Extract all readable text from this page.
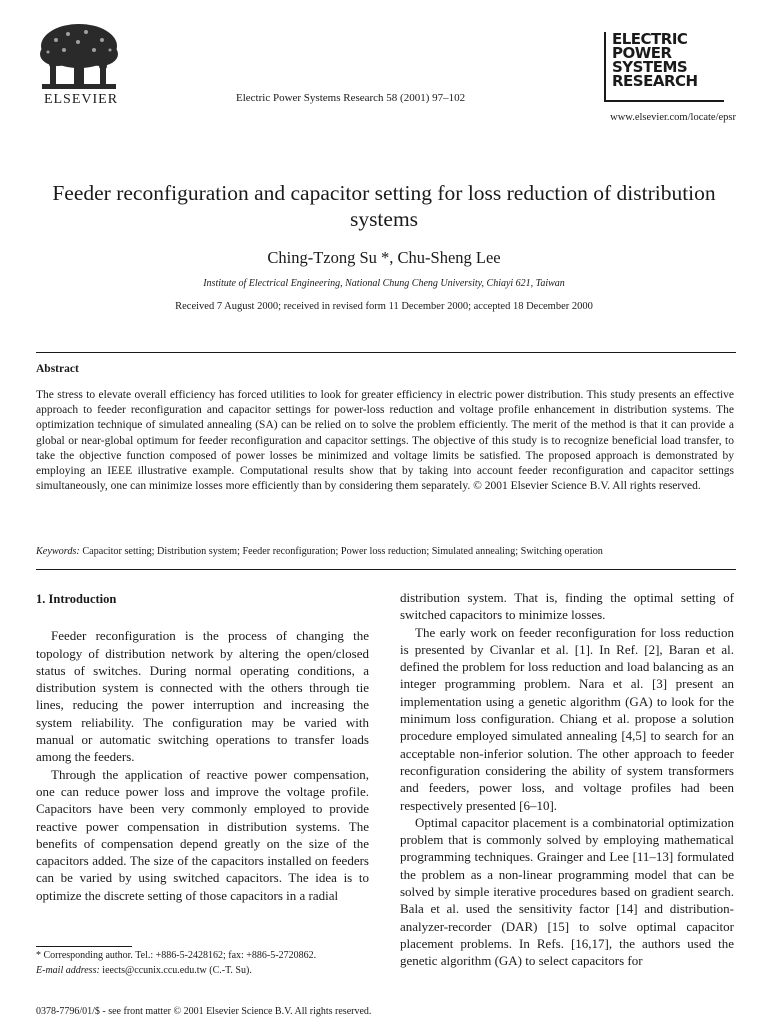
ELSEVIER	Electric Power Systems Research 58 (2001) 97–102
ELECTRIC
POWER
SYSTEMS
RESEARCH
www.elsevier.com/locate/epsr
Feeder reconfiguration and capacitor setting for loss reduction of distribution systems
Ching-Tzong Su *, Chu-Sheng Lee
Institute of Electrical Engineering, National Chung Cheng University, Chiayi 621, Taiwan
Received 7 August 2000; received in revised form 11 December 2000; accepted 18 December 2000
Abstract
The stress to elevate overall efficiency has forced utilities to look for greater efficiency in electric power distribution. This study presents an effective approach to feeder reconfiguration and capacitor settings for power-loss reduction and voltage profile enhancement in distribution systems. The optimization technique of simulated annealing (SA) can be relied on to solve the problem efficiently. The merit of the method is that it can provide a global or near-global optimum for feeder reconfiguration and capacitor settings. The objective of this study is to recognize beneficial load transfer, to take the objective function composed of power losses be minimized and voltage limits be satisfied. The proposed approach is demonstrated by employing an IEEE illustrative example. Computational results show that by taking into account feeder reconfiguration and capacitor settings simultaneously, one can minimize losses more efficiently than by considering them separately. © 2001 Elsevier Science B.V. All rights reserved.
Keywords: Capacitor setting; Distribution system; Feeder reconfiguration; Power loss reduction; Simulated annealing; Switching operation
1. Introduction

Feeder reconfiguration is the process of changing the topology of distribution network by altering the open/closed status of switches. During normal operating conditions, a distribution system is connected with the others through tie lines, reducing the power interruption and increasing the system reliability. The configuration may be varied with manual or automatic switching operations to transfer loads among the feeders.

Through the application of reactive power compensation, one can reduce power loss and improve the voltage profile. Capacitors have been very commonly employed to provide reactive power compensation in distribution systems. The benefits of compensation depend greatly on the size of the capacitors added. The size of the capacitors installed on feeders can be varied by using switched capacitors. The idea is to optimize the discrete setting of those capacitors in a radial

distribution system. That is, finding the optimal setting of switched capacitors to minimize losses.

The early work on feeder reconfiguration for loss reduction is presented by Civanlar et al. [1]. In Ref. [2], Baran et al. defined the problem for loss reduction and load balancing as an integer programming problem. Nara et al. [3] present an implementation using a genetic algorithm (GA) to look for the minimum loss configuration. Chiang et al. propose a solution procedure employed simulated annealing [4,5] to search for an acceptable non-inferior solution. The other approach to feeder reconfiguration considering the ability of system transformers and feeders, power loss, and voltage profiles had been respectively presented [6–10].

Optimal capacitor placement is a combinatorial optimization problem that is commonly solved by employing mathematical programming techniques. Grainger and Lee [11–13] formulated the problem as a non-linear programming model that can be solved by simple iterative procedures based on gradient search. Bala et al. used the sensitivity factor [14] and distribution-analyzer-recorder (DAR) [15] to solve optimal capacitor placement problems. In Refs. [16,17], the authors used the genetic algorithm (GA) to select capacitors for

* Corresponding author. Tel.: +886-5-2428162; fax: +886-5-2720862.
E-mail address: ieects@ccunix.ccu.edu.tw (C.-T. Su).
0378-7796/01/$ - see front matter © 2001 Elsevier Science B.V. All rights reserved.
